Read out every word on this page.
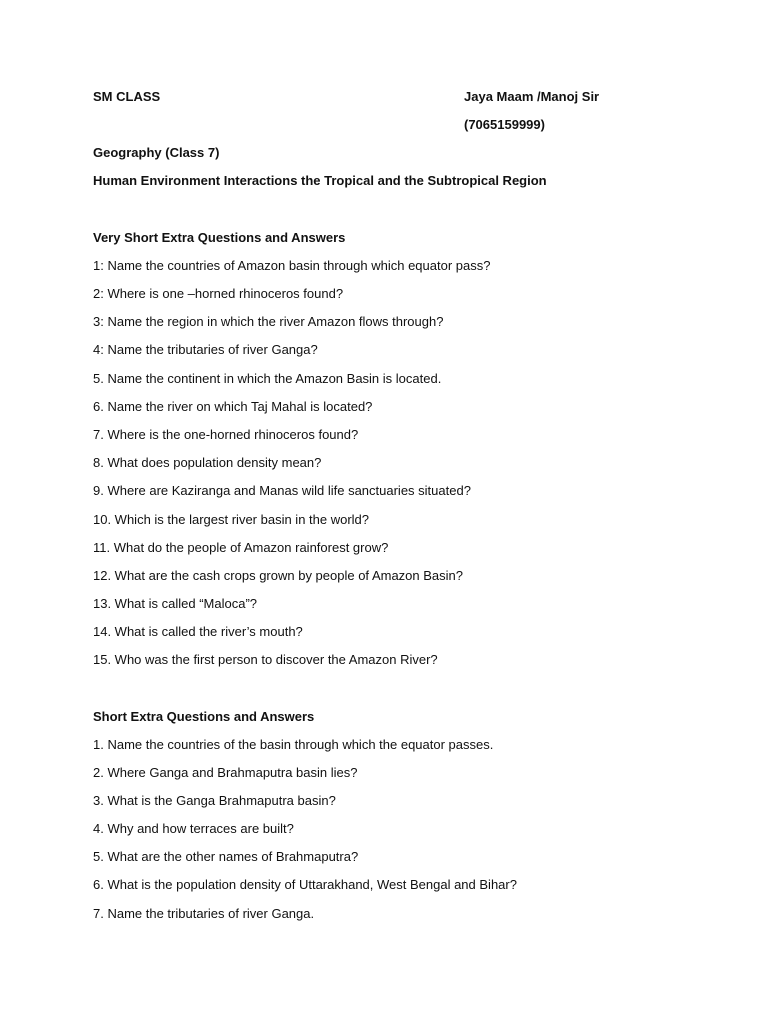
SM CLASS	Jaya Maam /Manoj Sir
(7065159999)
Geography (Class 7)
Human Environment Interactions the Tropical and the Subtropical Region
Very Short Extra Questions and Answers
1: Name the countries of Amazon basin through which equator pass?
2: Where is one –horned rhinoceros found?
3: Name the region in which the river Amazon flows through?
4: Name the tributaries of river Ganga?
5. Name the continent in which the Amazon Basin is located.
6. Name the river on which Taj Mahal is located?
7. Where is the one-horned rhinoceros found?
8. What does population density mean?
9. Where are Kaziranga and Manas wild life sanctuaries situated?
10. Which is the largest river basin in the world?
11. What do the people of Amazon rainforest grow?
12. What are the cash crops grown by people of Amazon Basin?
13. What is called “Maloca”?
14. What is called the river’s mouth?
15. Who was the first person to discover the Amazon River?
Short Extra Questions and Answers
1. Name the countries of the basin through which the equator passes.
2. Where Ganga and Brahmaputra basin lies?
3. What is the Ganga Brahmaputra basin?
4. Why and how terraces are built?
5. What are the other names of Brahmaputra?
6. What is the population density of Uttarakhand, West Bengal and Bihar?
7. Name the tributaries of river Ganga.
